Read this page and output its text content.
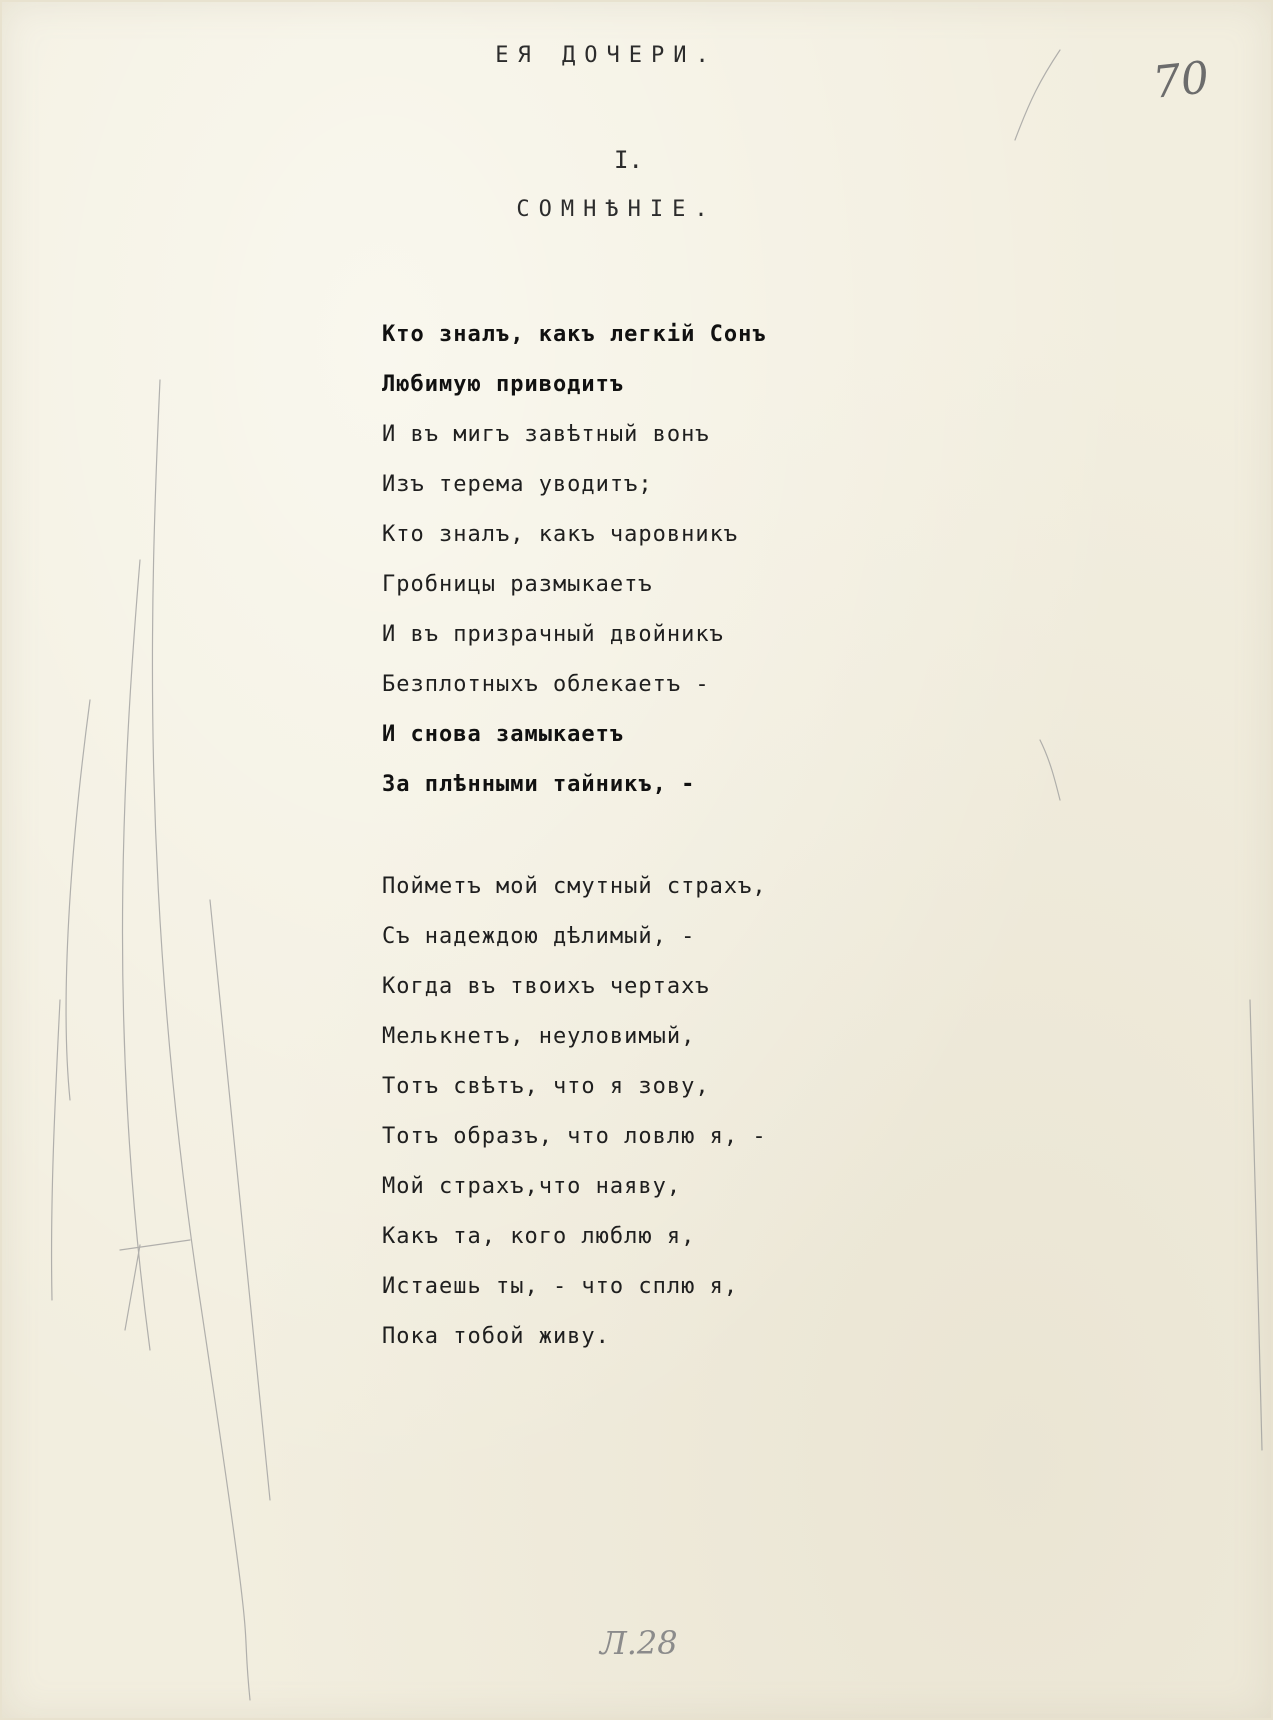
70
ЕЯ ДОЧЕРИ.
I.
СОМНѢНIЕ.
Кто зналъ, какъ легкiй Сонъ
Любимую приводитъ
И въ мигъ завѣтный вонъ
Изъ терема уводитъ;
Кто зналъ, какъ чаровникъ
Гробницы размыкаетъ
И въ призрачный двойникъ
Безплотныхъ облекаетъ -
И снова замыкаетъ
За плѣнными тайникъ, -
Пойметъ мой смутный страхъ,
Съ надеждою дѣлимый, -
Когда въ твоихъ чертахъ
Мелькнетъ, неуловимый,
Тотъ свѣтъ, что я зову,
Тотъ образъ, что ловлю я, -
Мой страхъ,что наяву,
Какъ та, кого люблю я,
Истаешь ты, - что сплю я,
Пока тобой живу.
Л.28
